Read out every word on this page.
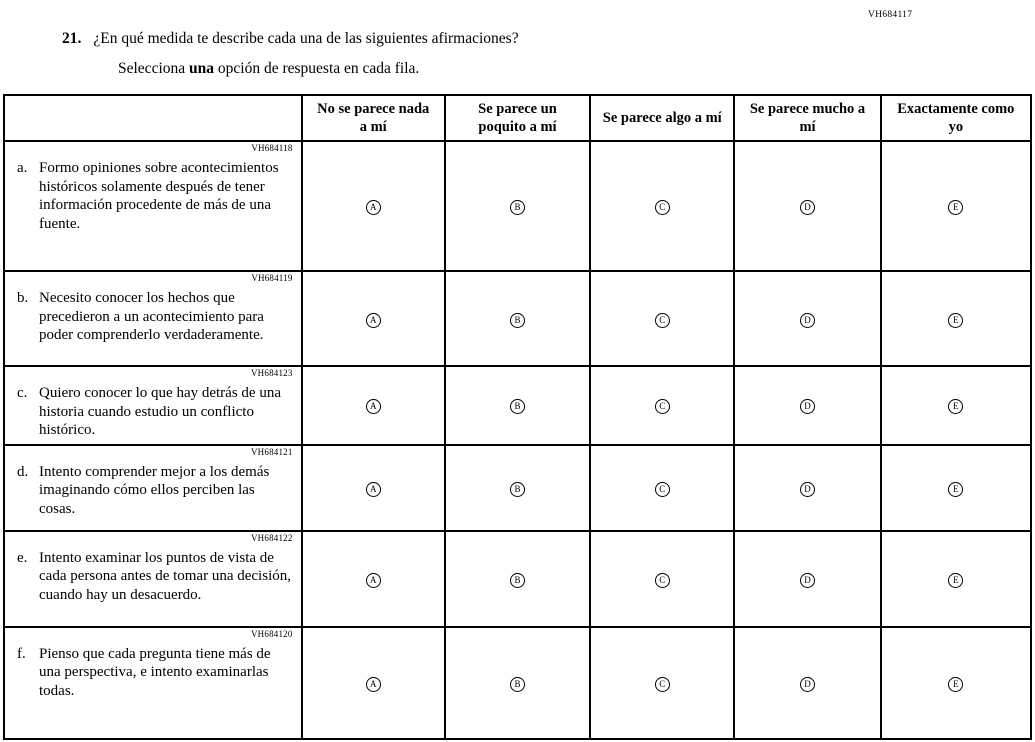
VH684117
21. ¿En qué medida te describe cada una de las siguientes afirmaciones?
Selecciona una opción de respuesta en cada fila.
	No se parece nada a mí	Se parece un poquito a mí	Se parece algo a mí	Se parece mucho a mí	Exactamente como yo

VH684118
a. Formo opiniones sobre acontecimientos históricos solamente después de tener información procedente de más de una fuente.	A	B	C	D	E

VH684119
b. Necesito conocer los hechos que precedieron a un acontecimiento para poder comprenderlo verdaderamente.	A	B	C	D	E

VH684123
c. Quiero conocer lo que hay detrás de una historia cuando estudio un conflicto histórico.	A	B	C	D	E

VH684121
d. Intento comprender mejor a los demás imaginando cómo ellos perciben las cosas.	A	B	C	D	E

VH684122
e. Intento examinar los puntos de vista de cada persona antes de tomar una decisión, cuando hay un desacuerdo.	A	B	C	D	E

VH684120
f. Pienso que cada pregunta tiene más de una perspectiva, e intento examinarlas todas.	A	B	C	D	E
